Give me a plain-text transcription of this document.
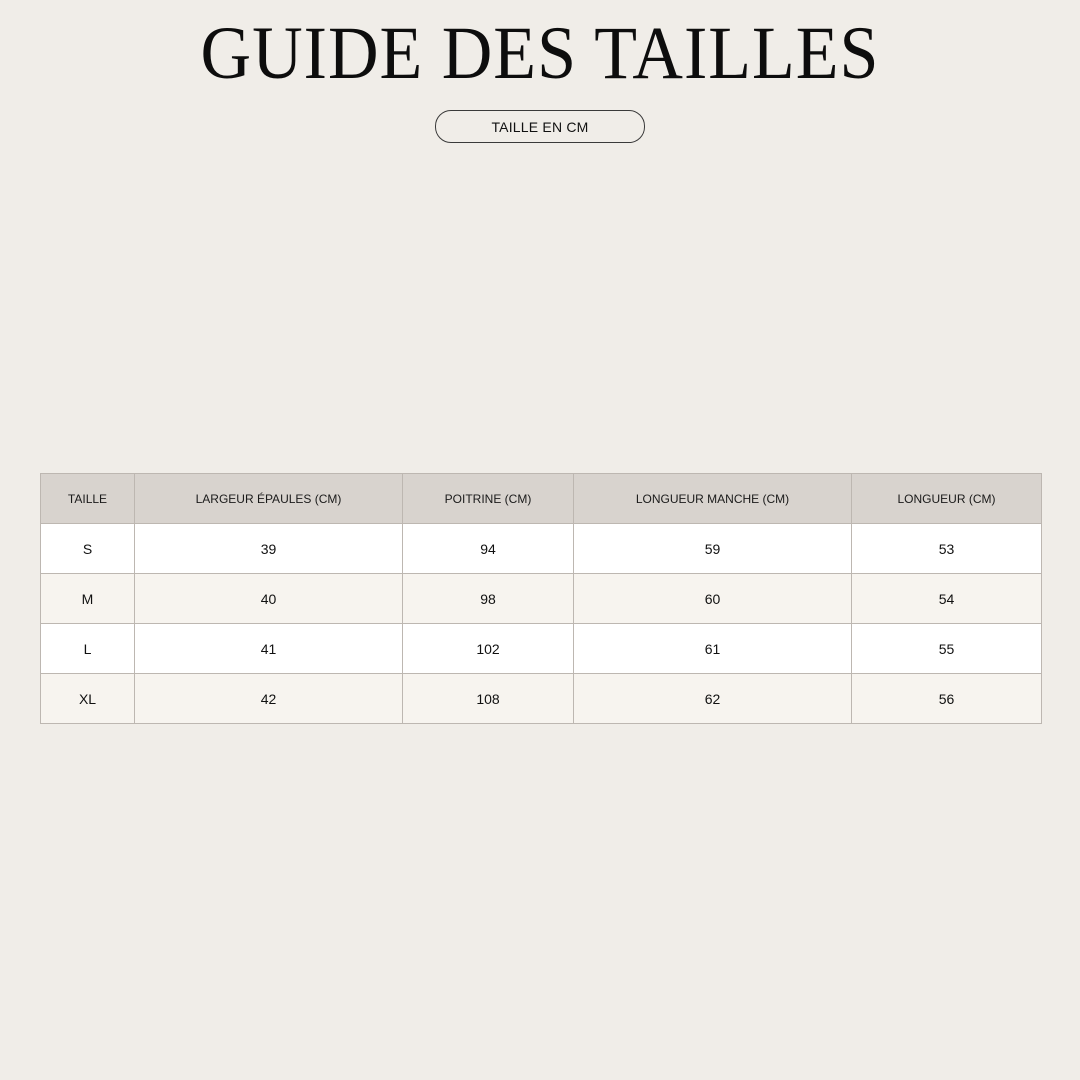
GUIDE DES TAILLES
TAILLE EN CM
TAILLE	LARGEUR ÉPAULES (CM)	POITRINE (CM)	LONGUEUR MANCHE (CM)	LONGUEUR (CM)
S	39	94	59	53
M	40	98	60	54
L	41	102	61	55
XL	42	108	62	56
